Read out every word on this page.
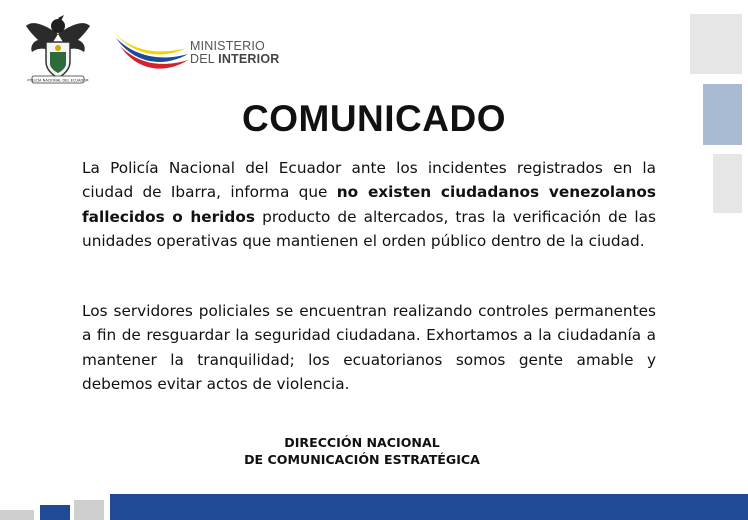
POLICÍA NACIONAL DEL ECUADOR
MINISTERIO
DEL INTERIOR
COMUNICADO
La Policía Nacional del Ecuador ante los incidentes registrados en la ciudad de Ibarra, informa que no existen ciudadanos venezolanos fallecidos o heridos producto de altercados, tras la verificación de las unidades operativas que mantienen el orden público dentro de la ciudad.
Los servidores policiales se encuentran realizando controles permanentes a fin de resguardar la seguridad ciudadana. Exhortamos a la ciudadanía a mantener la tranquilidad; los ecuatorianos somos gente amable y debemos evitar actos de violencia.
DIRECCIÓN NACIONAL
DE COMUNICACIÓN ESTRATÉGICA
